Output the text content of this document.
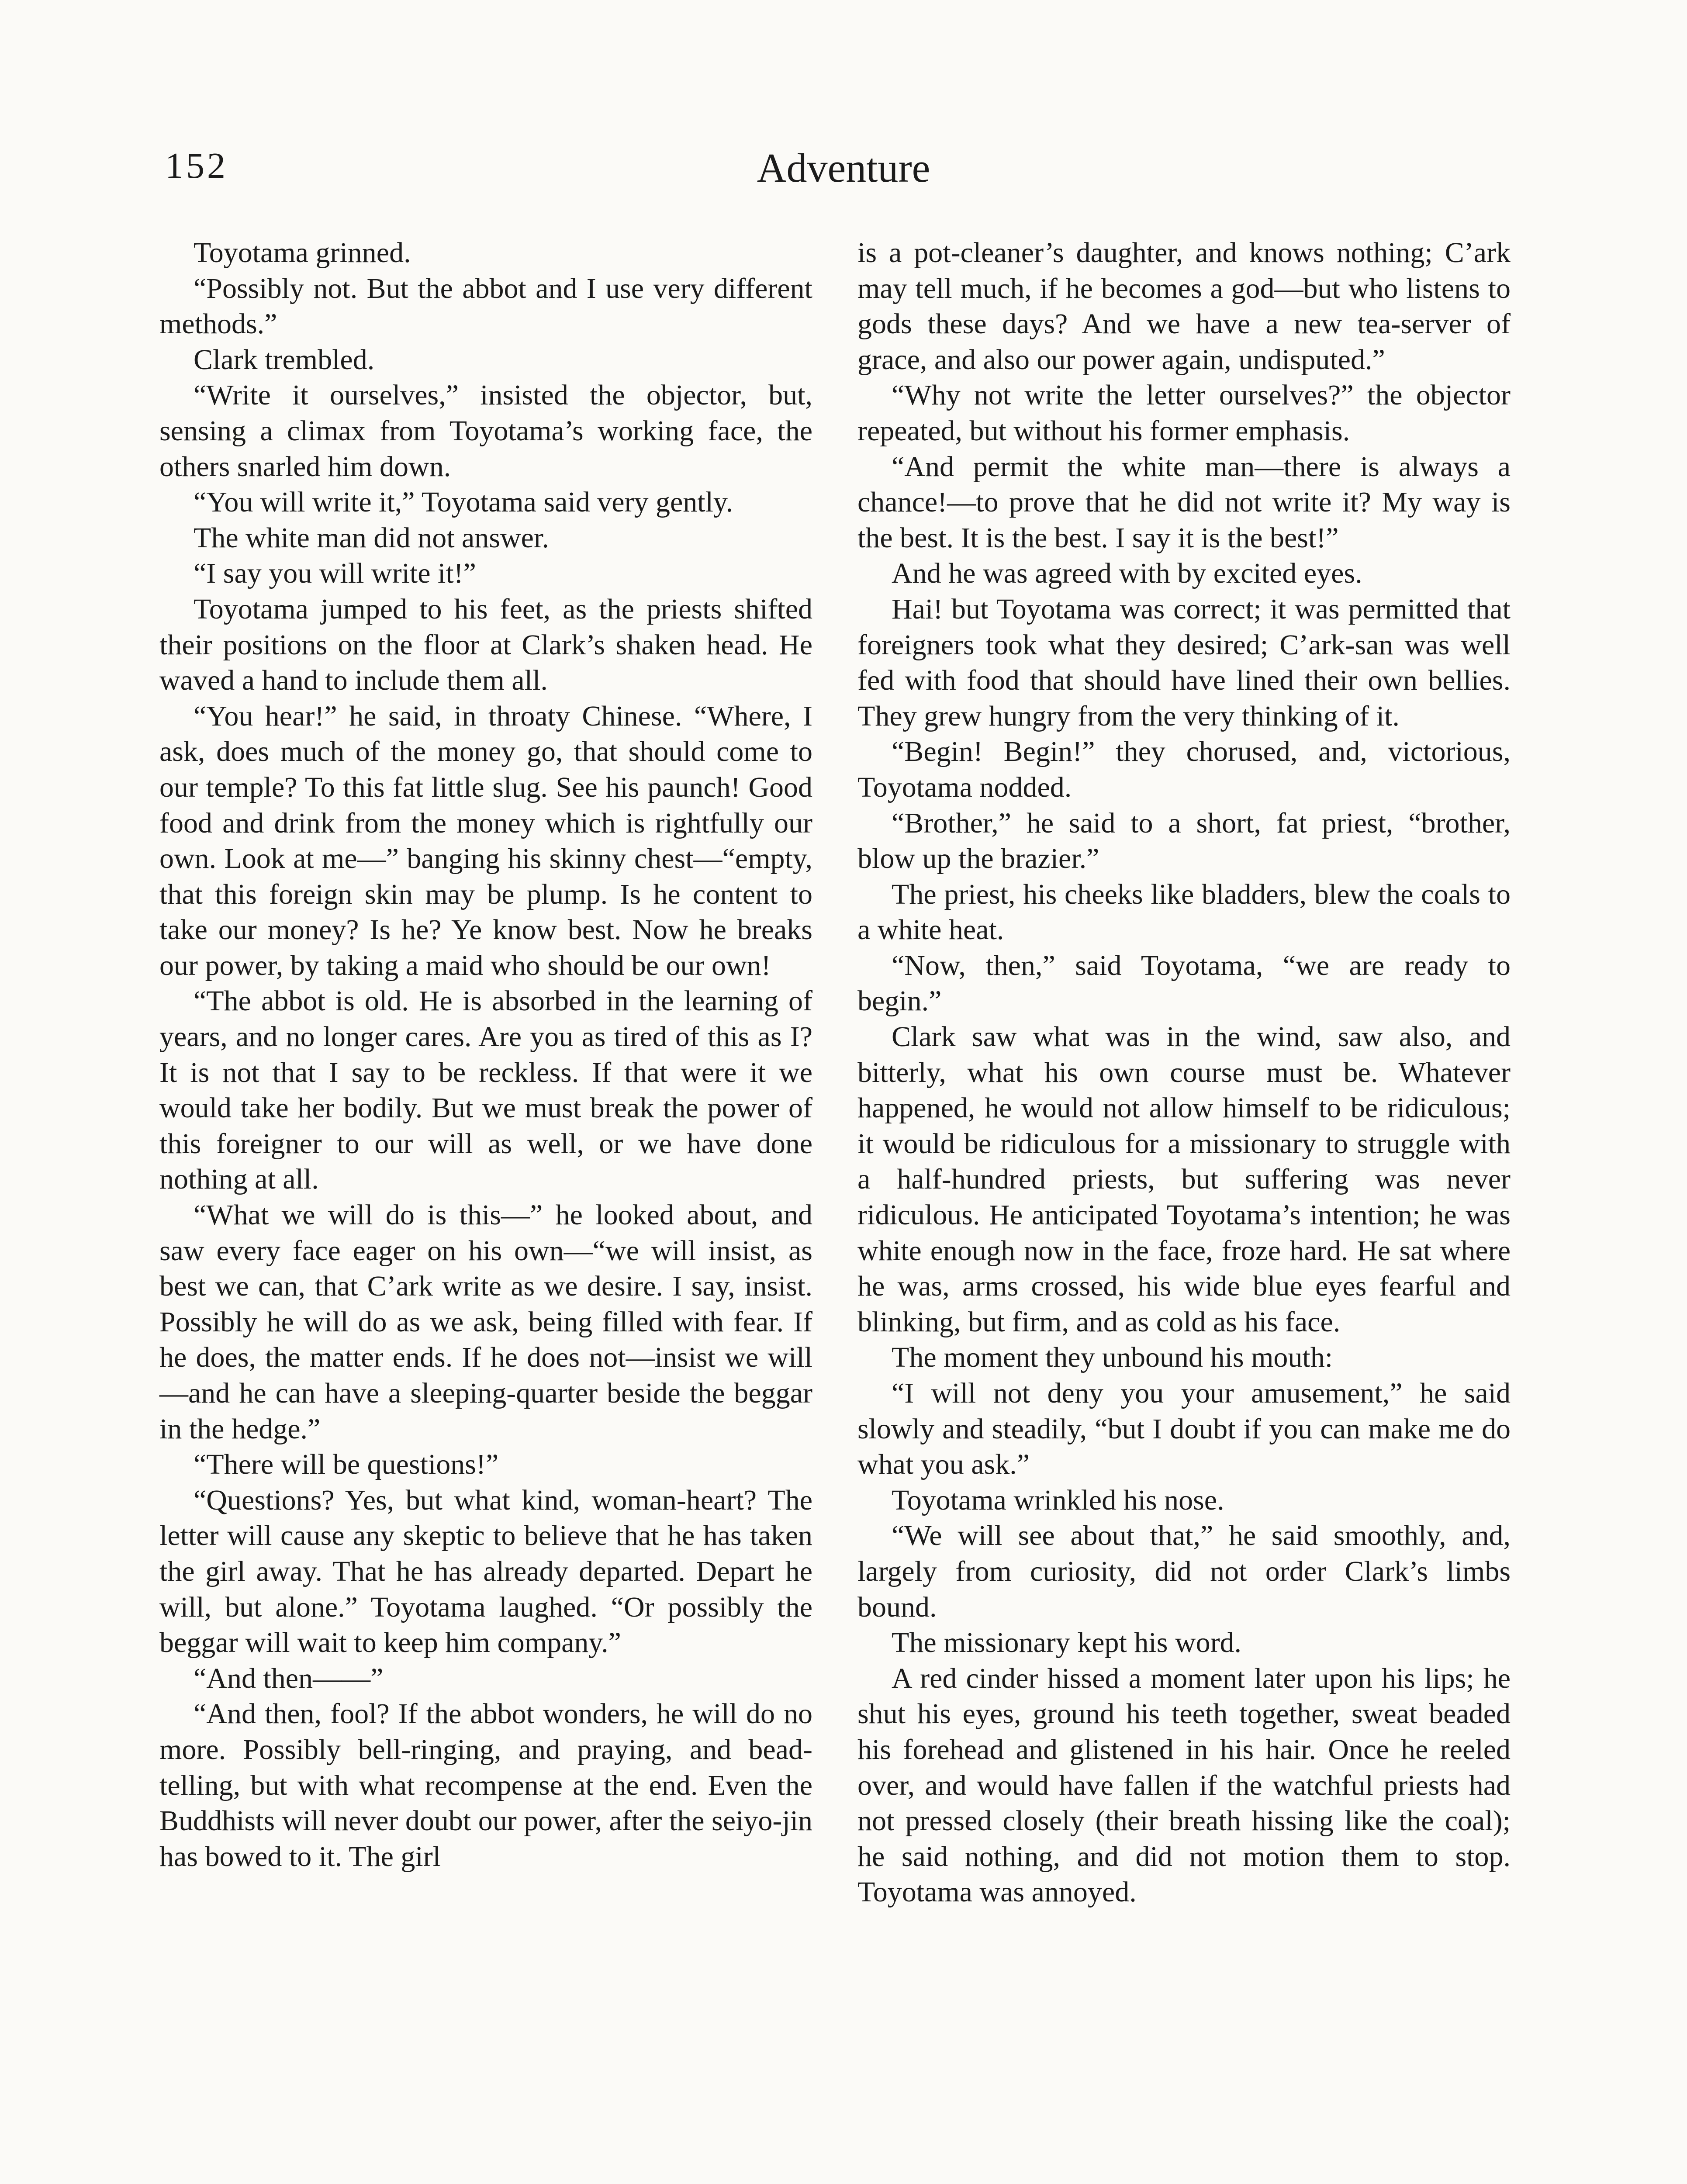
152	Adventure

Toyotama grinned.

“Possibly not. But the abbot and I use very different methods.”

Clark trembled.

“Write it ourselves,” insisted the objector, but, sensing a climax from Toyotama’s working face, the others snarled him down.

“You will write it,” Toyotama said very gently.

The white man did not answer.

“I say you will write it!”

Toyotama jumped to his feet, as the priests shifted their positions on the floor at Clark’s shaken head. He waved a hand to include them all.

“You hear!” he said, in throaty Chinese. “Where, I ask, does much of the money go, that should come to our temple? To this fat little slug. See his paunch! Good food and drink from the money which is rightfully our own. Look at me—” banging his skinny chest—“empty, that this foreign skin may be plump. Is he content to take our money? Is he? Ye know best. Now he breaks our power, by taking a maid who should be our own!

“The abbot is old. He is absorbed in the learning of years, and no longer cares. Are you as tired of this as I? It is not that I say to be reckless. If that were it we would take her bodily. But we must break the power of this foreigner to our will as well, or we have done nothing at all.

“What we will do is this—” he looked about, and saw every face eager on his own—“we will insist, as best we can, that C’ark write as we desire. I say, insist. Possibly he will do as we ask, being filled with fear. If he does, the matter ends. If he does not—insist we will—and he can have a sleeping-quarter beside the beggar in the hedge.”

“There will be questions!”

“Questions? Yes, but what kind, woman-heart? The letter will cause any skeptic to believe that he has taken the girl away. That he has already departed. Depart he will, but alone.” Toyotama laughed. “Or possibly the beggar will wait to keep him company.”

“And then——”

“And then, fool? If the abbot wonders, he will do no more. Possibly bell-ringing, and praying, and bead-telling, but with what recompense at the end. Even the Buddhists will never doubt our power, after the seiyo-jin has bowed to it. The girl

is a pot-cleaner’s daughter, and knows nothing; C’ark may tell much, if he becomes a god—but who listens to gods these days? And we have a new tea-server of grace, and also our power again, undisputed.”

“Why not write the letter ourselves?” the objector repeated, but without his former emphasis.

“And permit the white man—there is always a chance!—to prove that he did not write it? My way is the best. It is the best. I say it is the best!”

And he was agreed with by excited eyes.

Hai! but Toyotama was correct; it was permitted that foreigners took what they desired; C’ark-san was well fed with food that should have lined their own bellies. They grew hungry from the very thinking of it.

“Begin! Begin!” they chorused, and, victorious, Toyotama nodded.

“Brother,” he said to a short, fat priest, “brother, blow up the brazier.”

The priest, his cheeks like bladders, blew the coals to a white heat.

“Now, then,” said Toyotama, “we are ready to begin.”

Clark saw what was in the wind, saw also, and bitterly, what his own course must be. Whatever happened, he would not allow himself to be ridiculous; it would be ridiculous for a missionary to struggle with a half-hundred priests, but suffering was never ridiculous. He anticipated Toyotama’s intention; he was white enough now in the face, froze hard. He sat where he was, arms crossed, his wide blue eyes fearful and blinking, but firm, and as cold as his face.

The moment they unbound his mouth:

“I will not deny you your amusement,” he said slowly and steadily, “but I doubt if you can make me do what you ask.”

Toyotama wrinkled his nose.

“We will see about that,” he said smoothly, and, largely from curiosity, did not order Clark’s limbs bound.

The missionary kept his word.

A red cinder hissed a moment later upon his lips; he shut his eyes, ground his teeth together, sweat beaded his forehead and glistened in his hair. Once he reeled over, and would have fallen if the watchful priests had not pressed closely (their breath hissing like the coal); he said nothing, and did not motion them to stop. Toyotama was annoyed.
